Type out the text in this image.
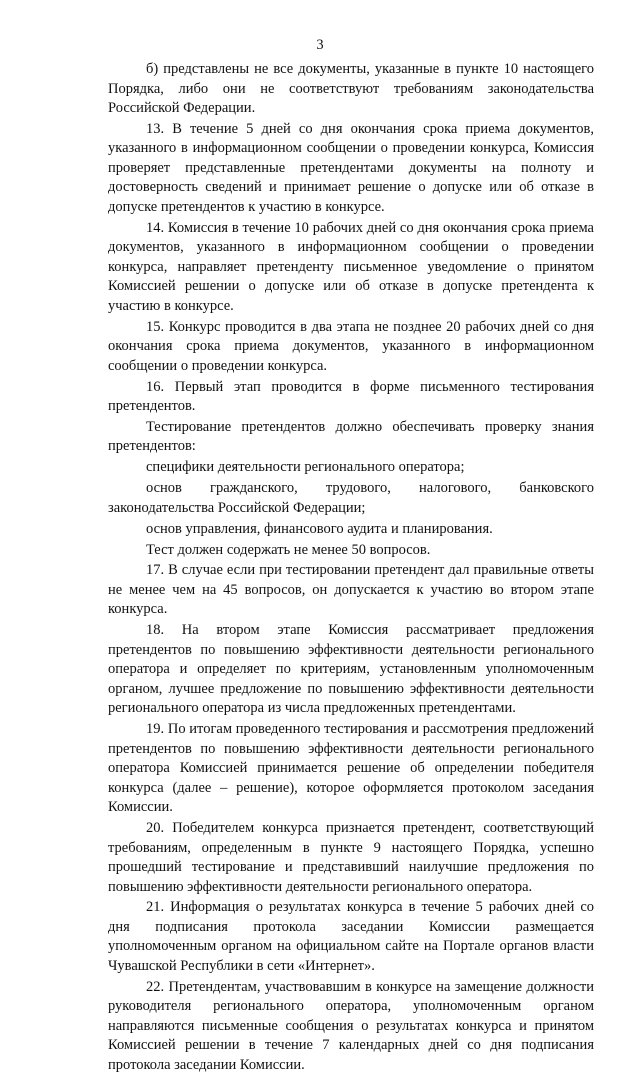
3

б) представлены не все документы, указанные в пункте 10 настоящего Порядка, либо они не соответствуют требованиям законодательства Российской Федерации.

13. В течение 5 дней со дня окончания срока приема документов, указанного в информационном сообщении о проведении конкурса, Комиссия проверяет представленные претендентами документы на полноту и достоверность сведений и принимает решение о допуске или об отказе в допуске претендентов к участию в конкурсе.

14. Комиссия в течение 10 рабочих дней со дня окончания срока приема документов, указанного в информационном сообщении о проведении конкурса, направляет претенденту письменное уведомление о принятом Комиссией решении о допуске или об отказе в допуске претендента к участию в конкурсе.

15. Конкурс проводится в два этапа не позднее 20 рабочих дней со дня окончания срока приема документов, указанного в информационном сообщении о проведении конкурса.

16. Первый этап проводится в форме письменного тестирования претендентов.

Тестирование претендентов должно обеспечивать проверку знания претендентов:

специфики деятельности регионального оператора;

основ гражданского, трудового, налогового, банковского законодательства Российской Федерации;

основ управления, финансового аудита и планирования.

Тест должен содержать не менее 50 вопросов.

17. В случае если при тестировании претендент дал правильные ответы не менее чем на 45 вопросов, он допускается к участию во втором этапе конкурса.

18. На втором этапе Комиссия рассматривает предложения претендентов по повышению эффективности деятельности регионального оператора и определяет по критериям, установленным уполномоченным органом, лучшее предложение по повышению эффективности деятельности регионального оператора из числа предложенных претендентами.

19. По итогам проведенного тестирования и рассмотрения предложений претендентов по повышению эффективности деятельности регионального оператора Комиссией принимается решение об определении победителя конкурса (далее – решение), которое оформляется протоколом заседания Комиссии.

20. Победителем конкурса признается претендент, соответствующий требованиям, определенным в пункте 9 настоящего Порядка, успешно прошедший тестирование и представивший наилучшие предложения по повышению эффективности деятельности регионального оператора.

21. Информация о результатах конкурса в течение 5 рабочих дней со дня подписания протокола заседании Комиссии размещается уполномоченным органом на официальном сайте на Портале органов власти Чувашской Республики в сети «Интернет».

22. Претендентам, участвовавшим в конкурсе на замещение должности руководителя регионального оператора, уполномоченным органом направляются письменные сообщения о результатах конкурса и принятом Комиссией решении в течение 7 календарных дней со дня подписания протокола заседании Комиссии.
